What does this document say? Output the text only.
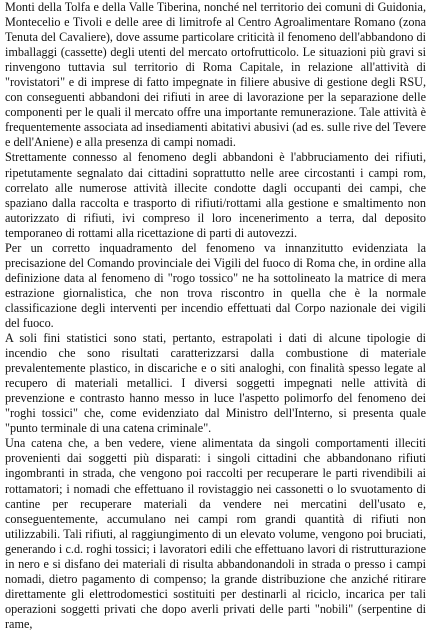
Monti della Tolfa e della Valle Tiberina, nonché nel territorio dei comuni di Guidonia, Montecelio e Tivoli e delle aree di limitrofe al Centro Agroalimentare Romano (zona Tenuta del Cavaliere), dove assume particolare criticità il fenomeno dell'abbandono di imballaggi (cassette) degli utenti del mercato ortofrutticolo. Le situazioni più gravi si rinvengono tuttavia sul territorio di Roma Capitale, in relazione all'attività di "rovistatori" e di imprese di fatto impegnate in filiere abusive di gestione degli RSU, con conseguenti abbandoni dei rifiuti in aree di lavorazione per la separazione delle componenti per le quali il mercato offre una importante remunerazione. Tale attività è frequentemente associata ad insediamenti abitativi abusivi (ad es. sulle rive del Tevere e dell'Aniene) e alla presenza di campi nomadi.

Strettamente connesso al fenomeno degli abbandoni è l'abbruciamento dei rifiuti, ripetutamente segnalato dai cittadini soprattutto nelle aree circostanti i campi rom, correlato alle numerose attività illecite condotte dagli occupanti dei campi, che spaziano dalla raccolta e trasporto di rifiuti/rottami alla gestione e smaltimento non autorizzato di rifiuti, ivi compreso il loro incenerimento a terra, dal deposito temporaneo di rottami alla ricettazione di parti di autovezzi.

Per un corretto inquadramento del fenomeno va innanzitutto evidenziata la precisazione del Comando provinciale dei Vigili del fuoco di Roma che, in ordine alla definizione data al fenomeno di "rogo tossico" ne ha sottolineato la matrice di mera estrazione giornalistica, che non trova riscontro in quella che è la normale classificazione degli interventi per incendio effettuati dal Corpo nazionale dei vigili del fuoco.

A soli fini statistici sono stati, pertanto, estrapolati i dati di alcune tipologie di incendio che sono risultati caratterizzarsi dalla combustione di materiale prevalentemente plastico, in discariche e o siti analoghi, con finalità spesso legate al recupero di materiali metallici. I diversi soggetti impegnati nelle attività di prevenzione e contrasto hanno messo in luce l'aspetto polimorfo del fenomeno dei "roghi tossici" che, come evidenziato dal Ministro dell'Interno, si presenta quale "punto terminale di una catena criminale".

Una catena che, a ben vedere, viene alimentata da singoli comportamenti illeciti provenienti dai soggetti più disparati: i singoli cittadini che abbandonano rifiuti ingombranti in strada, che vengono poi raccolti per recuperare le parti rivendibili ai rottamatori; i nomadi che effettuano il rovistaggio nei cassonetti o lo svuotamento di cantine per recuperare materiali da vendere nei mercatini dell'usato e, conseguentemente, accumulano nei campi rom grandi quantità di rifiuti non utilizzabili. Tali rifiuti, al raggiungimento di un elevato volume, vengono poi bruciati, generando i c.d. roghi tossici; i lavoratori edili che effettuano lavori di ristrutturazione in nero e si disfano dei materiali di risulta abbandonandoli in strada o presso i campi nomadi, dietro pagamento di compenso; la grande distribuzione che anziché ritirare direttamente gli elettrodomestici sostituiti per destinarli al riciclo, incarica per tali operazioni soggetti privati che dopo averli privati delle parti "nobili" (serpentine di rame,
